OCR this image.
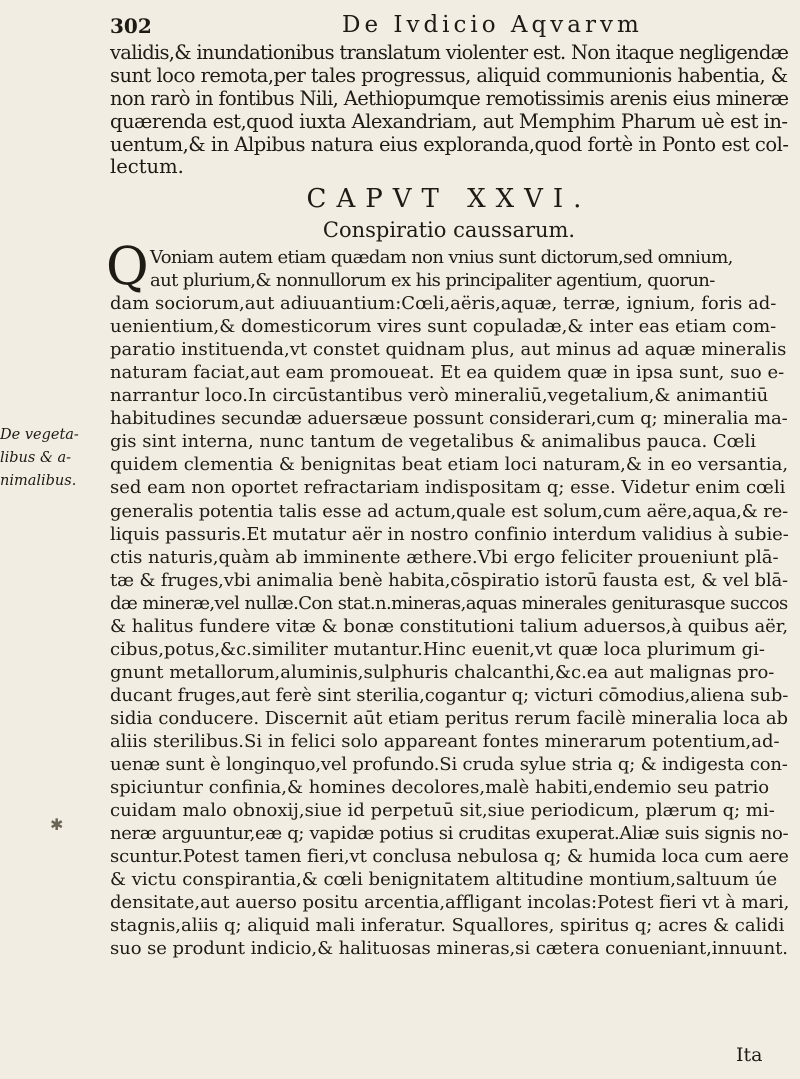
302	De Ivdicio Aqvarvm
validis,& inundationibus translatum violenter est. Non itaque negligendæ
sunt loco remota,per tales progressus, aliquid communionis habentia, &
non rarò in fontibus Nili, Aethiopumque remotissimis arenis eius mineræ
quærenda est,quod iuxta Alexandriam, aut Memphim Pharum uè est in-
uentum,& in Alpibus natura eius exploranda,quod fortè in Ponto est col-
lectum.
CAPVT XXVI.
Conspiratio caussarum.
Q Voniam autem etiam quædam non vnius sunt dictorum,sed omnium,
aut plurium,& nonnullorum ex his principaliter agentium, quorun-
dam sociorum,aut adiuuantium:Cœli,aëris,aquæ, terræ, ignium, foris ad-
uenientium,& domesticorum vires sunt copuladæ,& inter eas etiam com-
paratio instituenda,vt constet quidnam plus, aut minus ad aquæ mineralis
naturam faciat,aut eam promoueat. Et ea quidem quæ in ipsa sunt, suo e-
narrantur loco.In circūstantibus verò mineraliū,vegetalium,& animantiū
habitudines secundæ aduersæue possunt considerari,cum q; mineralia ma-
gis sint interna, nunc tantum de vegetalibus & animalibus pauca. Cœli
quidem clementia & benignitas beat etiam loci naturam,& in eo versantia,
sed eam non oportet refractariam indispositam q; esse. Videtur enim cœli
generalis potentia talis esse ad actum,quale est solum,cum aëre,aqua,& re-
liquis passuris.Et mutatur aër in nostro confinio interdum validius à subie-
ctis naturis,quàm ab imminente æthere.Vbi ergo feliciter proueniunt plā-
tæ & fruges,vbi animalia benè habita,cōspiratio istorū fausta est, & vel blā-
dæ mineræ,vel nullæ.Con stat.n.mineras,aquas minerales geniturasque succos
& halitus fundere vitæ & bonæ constitutioni talium aduersos,à quibus aër,
cibus,potus,&c.similiter mutantur.Hinc euenit,vt quæ loca plurimum gi-
gnunt metallorum,aluminis,sulphuris chalcanthi,&c.ea aut malignas pro-
ducant fruges,aut ferè sint sterilia,cogantur q; victuri cōmodius,aliena sub-
sidia conducere. Discernit aūt etiam peritus rerum facilè mineralia loca ab
aliis sterilibus.Si in felici solo appareant fontes minerarum potentium,ad-
uenæ sunt è longinquo,vel profundo.Si cruda sylue stria q; & indigesta con-
spiciuntur confinia,& homines decolores,malè habiti,endemio seu patrio
cuidam malo obnoxij,siue id perpetuū sit,siue periodicum, plærum q; mi-
neræ arguuntur,eæ q; vapidæ potius si cruditas exuperat.Aliæ suis signis no-
scuntur.Potest tamen fieri,vt conclusa nebulosa q; & humida loca cum aere
& victu conspirantia,& cœli benignitatem altitudine montium,saltuum úe
densitate,aut auerso positu arcentia,affligant incolas:Potest fieri vt à mari,
stagnis,aliis q; aliquid mali inferatur. Squallores, spiritus q; acres & calidi
suo se produnt indicio,& halituosas mineras,si cætera conueniant,innuunt.
De vegeta-
libus & a-
nimalibus.
✱
Ita
